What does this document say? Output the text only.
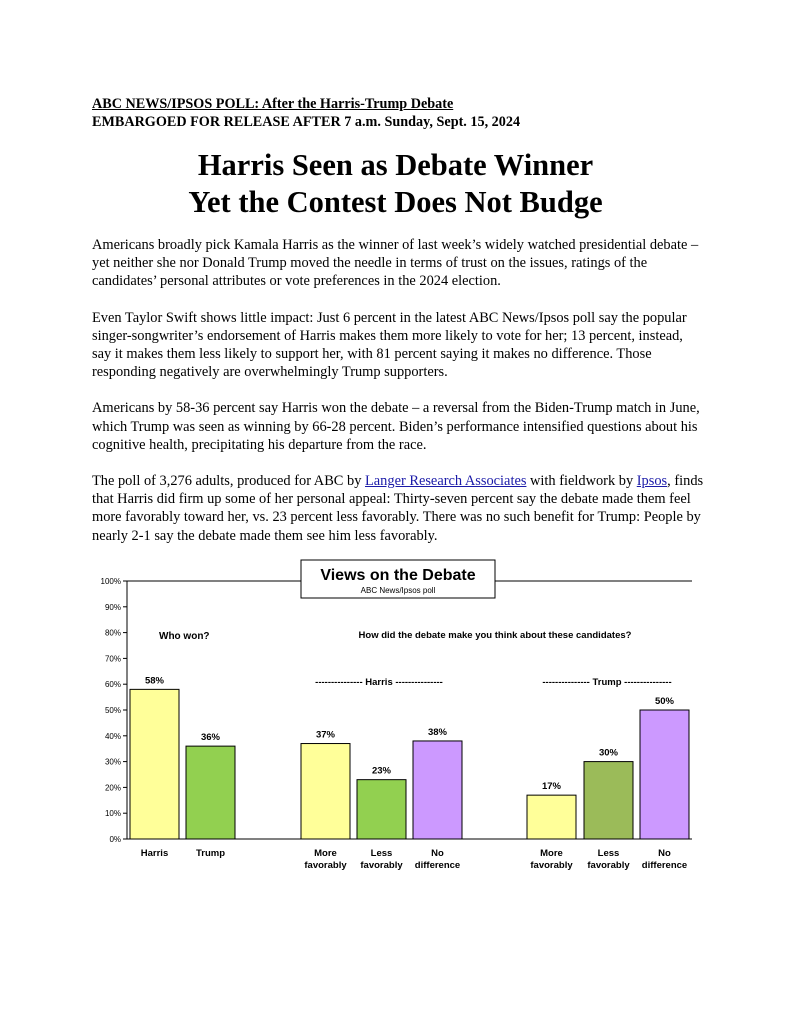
ABC NEWS/IPSOS POLL: After the Harris-Trump Debate
EMBARGOED FOR RELEASE AFTER 7 a.m. Sunday, Sept. 15, 2024
Harris Seen as Debate Winner
Yet the Contest Does Not Budge

Americans broadly pick Kamala Harris as the winner of last week’s widely watched presidential debate – yet neither she nor Donald Trump moved the needle in terms of trust on the issues, ratings of the candidates’ personal attributes or vote preferences in the 2024 election.

Even Taylor Swift shows little impact: Just 6 percent in the latest ABC News/Ipsos poll say the popular singer-songwriter’s endorsement of Harris makes them more likely to vote for her; 13 percent, instead, say it makes them less likely to support her, with 81 percent saying it makes no difference. Those responding negatively are overwhelmingly Trump supporters.

Americans by 58-36 percent say Harris won the debate – a reversal from the Biden-Trump match in June, which Trump was seen as winning by 66-28 percent. Biden’s performance intensified questions about his cognitive health, precipitating his departure from the race.

The poll of 3,276 adults, produced for ABC by Langer Research Associates with fieldwork by Ipsos, finds that Harris did firm up some of her personal appeal: Thirty-seven percent say the debate made them feel more favorably toward her, vs. 23 percent less favorably. There was no such benefit for Trump: People by nearly 2-1 say the debate made them see him less favorably.

0%
10%
20%
30%
40%
50%
60%
70%
80%
90%
100%	Views on the Debate
ABC News/Ipsos poll
Who won?	How did the debate make you think about these candidates?
--------------- Harris ---------------	--------------- Trump ---------------
58%
Harris
36%
Trump
37%
More
favorably
23%
Less
favorably
38%
No
difference
17%
More
favorably
30%
Less
favorably
50%
No
difference
